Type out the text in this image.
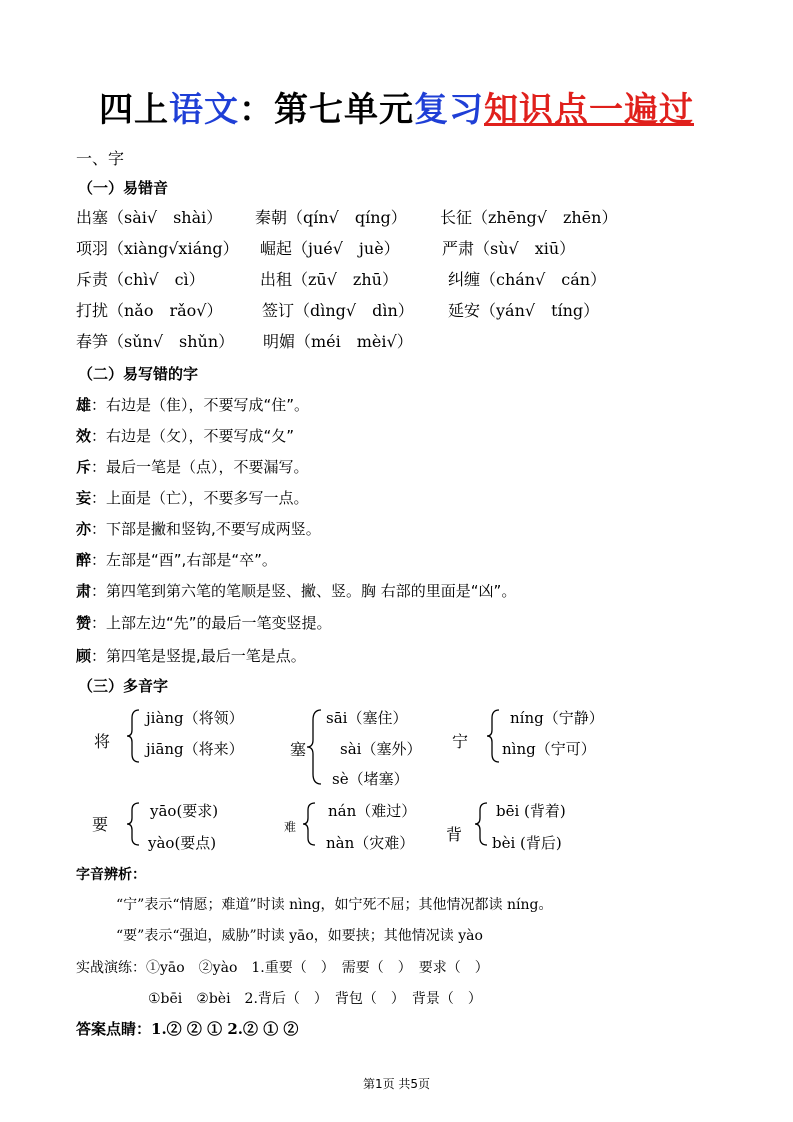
四上语文：第七单元复习知识点一遍过
一、字
（一）易错音
出塞（sài√　shài） 秦朝（qín√　qíng） 长征（zhēng√　zhēn）
项羽（xiàng√xiáng） 崛起（jué√　juè）	严肃（sù√　xiū）
斥责（chì√　cì）	出租（zū√　zhū）	纠缠（chán√　cán）
打扰（nǎo　rǎo√） 签订（dìng√　dìn） 延安（yán√　tíng）
春笋（sǔn√　shǔn） 明媚（méi　mèi√）
（二）易写错的字
雄：右边是（隹），不要写成“住”。
效：右边是（攵），不要写成“夂”
斥：最后一笔是（点），不要漏写。
妄：上面是（亡），不要多写一点。
亦：下部是撇和竖钩,不要写成两竖。
醉：左部是“酉”,右部是“卒”。
肃：第四笔到第六笔的笔顺是竖、撇、竖。胸 右部的里面是“凶”。
赞：上部左边“先”的最后一笔变竖提。
顾：第四笔是竖提,最后一笔是点。
（三）多音字
将
jiàng（将领）
jiāng（将来）	塞
sāi（塞住）
sài（塞外）
sè（堵塞）
宁
níng（宁静）
nìng（宁可）
要
yāo(要求)
yào(要点)
难
nán（难过）
nàn（灾难） 背
bēi (背着)
bèi (背后)
字音辨析：
“宁”表示“情愿；难道”时读 nìng，如宁死不屈；其他情况都读 níng。
“要”表示“强迫，威胁”时读 yāo，如要挟；其他情况读 yào
实战演练：①yāo　②yào　1.重要（　）　需要（　）　要求（　）
①bēi　②bèi　2.背后（　）　背包（　）　背景（　）
答案点睛：1.② ② ① 2.② ① ②
第1页 共5页
